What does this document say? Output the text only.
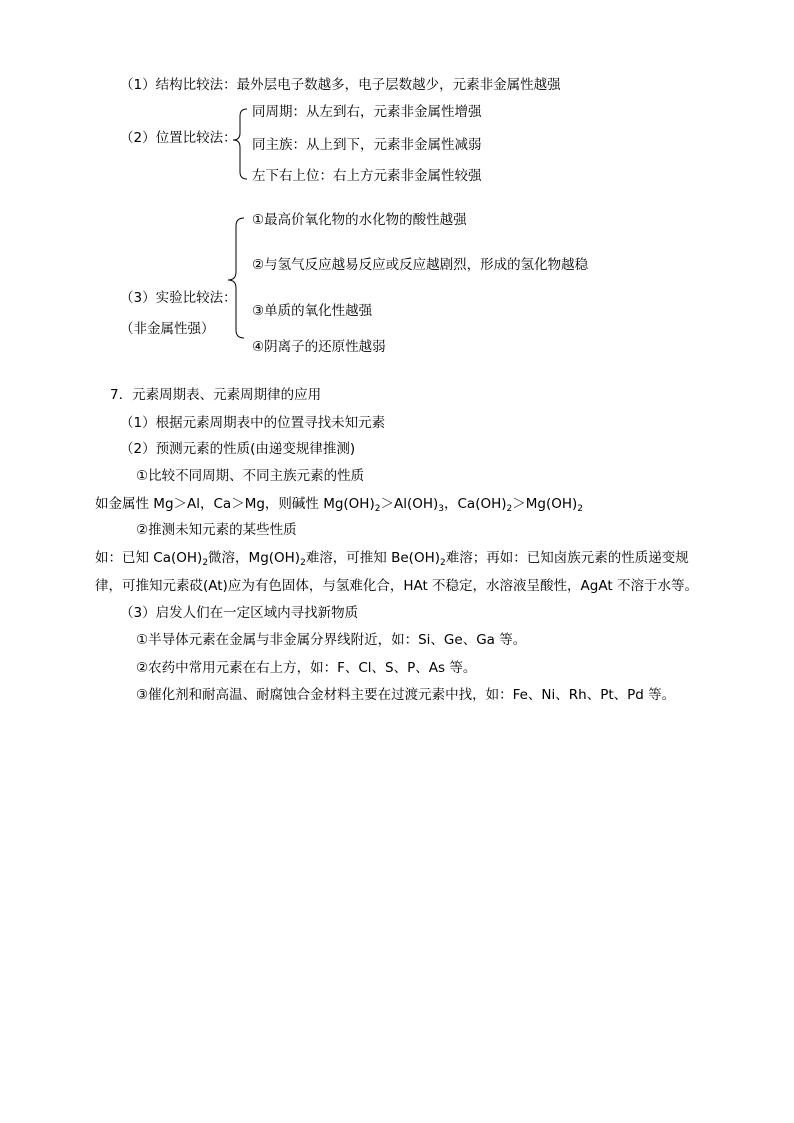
（1）结构比较法：最外层电子数越多，电子层数越少，元素非金属性越强
（2）位置比较法：
同周期：从左到右，元素非金属性增强
同主族：从上到下，元素非金属性减弱
左下右上位：右上方元素非金属性较强
（3）实验比较法：
（非金属性强）
①最高价氧化物的水化物的酸性越强
②与氢气反应越易反应或反应越剧烈，形成的氢化物越稳
③单质的氧化性越强
④阴离子的还原性越弱
7．元素周期表、元素周期律的应用
（1）根据元素周期表中的位置寻找未知元素
（2）预测元素的性质(由递变规律推测)
①比较不同周期、不同主族元素的性质
如金属性 Mg＞Al，Ca＞Mg，则碱性 $Mg(OH)_2>Al(OH)_3$，$Ca(OH)_2>Mg(OH)_2$
②推测未知元素的某些性质
如：已知 $Ca(OH)_2$微溶，$Mg(OH)_2$难溶，可推知 $Be(OH)_2$难溶；再如：已知卤族元素的性质递变规
律，可推知元素砹(At)应为有色固体，与氢难化合，HAt 不稳定，水溶液呈酸性，AgAt 不溶于水等。
（3）启发人们在一定区域内寻找新物质
①半导体元素在金属与非金属分界线附近，如：Si、Ge、Ga 等。
②农药中常用元素在右上方，如：F、Cl、S、P、As 等。
③催化剂和耐高温、耐腐蚀合金材料主要在过渡元素中找，如：Fe、Ni、Rh、Pt、Pd 等。
